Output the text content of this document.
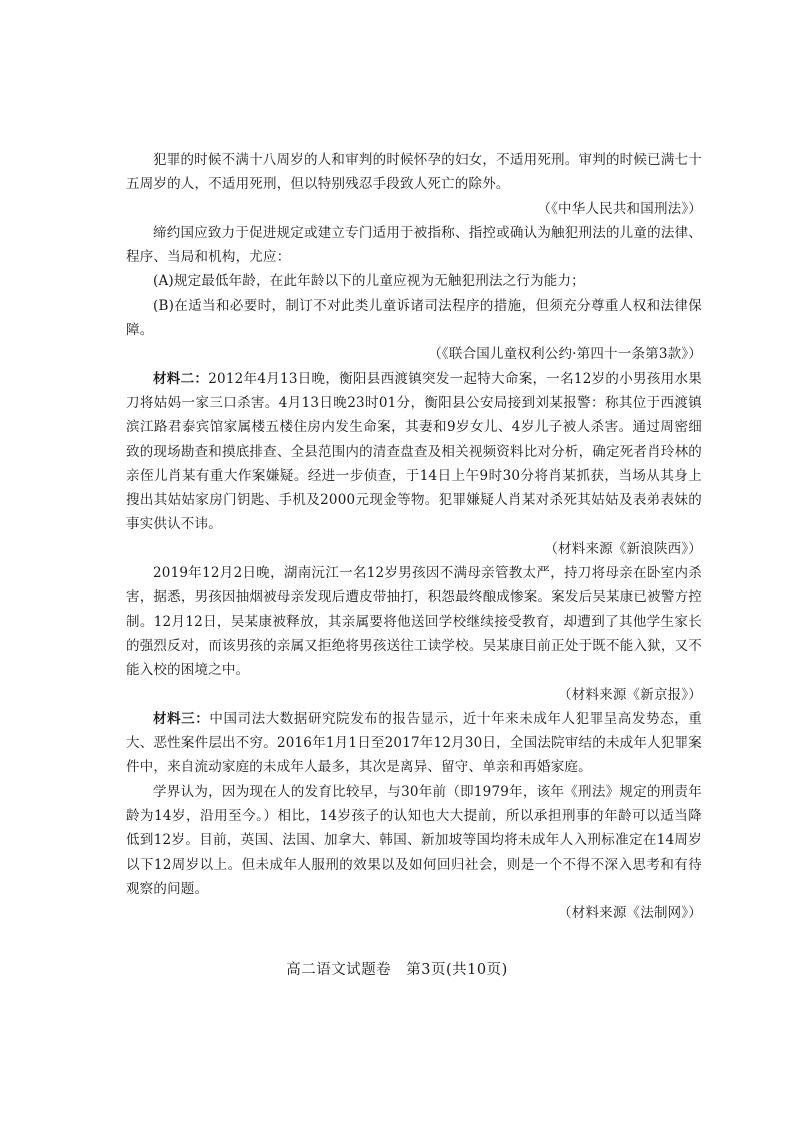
犯罪的时候不满十八周岁的人和审判的时候怀孕的妇女，不适用死刑。审判的时候已满七十五周岁的人，不适用死刑，但以特别残忍手段致人死亡的除外。

（《中华人民共和国刑法》）

缔约国应致力于促进规定或建立专门适用于被指称、指控或确认为触犯刑法的儿童的法律、程序、当局和机构，尤应：

(A)规定最低年龄，在此年龄以下的儿童应视为无触犯刑法之行为能力；

(B)在适当和必要时，制订不对此类儿童诉诸司法程序的措施，但须充分尊重人权和法律保障。

（《联合国儿童权利公约·第四十一条第3款》）

材料二：2012年4月13日晚，衡阳县西渡镇突发一起特大命案，一名12岁的小男孩用水果刀将姑妈一家三口杀害。4月13日晚23时01分，衡阳县公安局接到刘某报警：称其位于西渡镇滨江路君泰宾馆家属楼五楼住房内发生命案，其妻和9岁女儿、4岁儿子被人杀害。通过周密细致的现场勘查和摸底排查、全县范围内的清查盘查及相关视频资料比对分析，确定死者肖玲林的亲侄儿肖某有重大作案嫌疑。经进一步侦查，于14日上午9时30分将肖某抓获，当场从其身上搜出其姑姑家房门钥匙、手机及2000元现金等物。犯罪嫌疑人肖某对杀死其姑姑及表弟表妹的事实供认不讳。

（材料来源《新浪陕西》）

2019年12月2日晚，湖南沅江一名12岁男孩因不满母亲管教太严，持刀将母亲在卧室内杀害，据悉，男孩因抽烟被母亲发现后遭皮带抽打，积怨最终酿成惨案。案发后吴某康已被警方控制。12月12日，吴某康被释放，其亲属要将他送回学校继续接受教育，却遭到了其他学生家长的强烈反对，而该男孩的亲属又拒绝将男孩送往工读学校。吴某康目前正处于既不能入狱，又不能入校的困境之中。

（材料来源《新京报》）

材料三：中国司法大数据研究院发布的报告显示，近十年来未成年人犯罪呈高发势态，重大、恶性案件层出不穷。2016年1月1日至2017年12月30日，全国法院审结的未成年人犯罪案件中，来自流动家庭的未成年人最多，其次是离异、留守、单亲和再婚家庭。

学界认为，因为现在人的发育比较早，与30年前（即1979年，该年《刑法》规定的刑责年龄为14岁，沿用至今。）相比，14岁孩子的认知也大大提前，所以承担刑事的年龄可以适当降低到12岁。目前，英国、法国、加拿大、韩国、新加坡等国均将未成年人入刑标准定在14周岁以下12周岁以上。但未成年人服刑的效果以及如何回归社会，则是一个不得不深入思考和有待观察的问题。

（材料来源《法制网》）

高二语文试题卷　第3页(共10页)
